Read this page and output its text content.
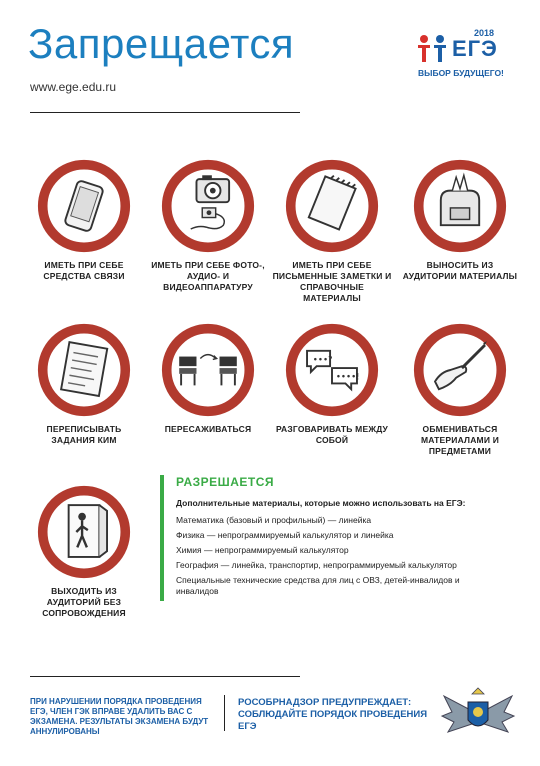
Запрещается
www.ege.edu.ru
2018
ЕГЭ
ВЫБОР БУДУЩЕГО!
ИМЕТЬ ПРИ СЕБЕ СРЕДСТВА СВЯЗИ
ИМЕТЬ ПРИ СЕБЕ ФОТО-, АУДИО- И ВИДЕОАППАРАТУРУ
ИМЕТЬ ПРИ СЕБЕ ПИСЬМЕННЫЕ ЗАМЕТКИ И СПРАВОЧНЫЕ МАТЕРИАЛЫ
ВЫНОСИТЬ ИЗ АУДИТОРИИ МАТЕРИАЛЫ
ПЕРЕПИСЫВАТЬ ЗАДАНИЯ КИМ
ПЕРЕСАЖИВАТЬСЯ
•••?
••••!
РАЗГОВАРИВАТЬ МЕЖДУ СОБОЙ
ОБМЕНИВАТЬСЯ МАТЕРИАЛАМИ И ПРЕДМЕТАМИ
ВЫХОДИТЬ ИЗ АУДИТОРИЙ БЕЗ СОПРОВОЖДЕНИЯ
РАЗРЕШАЕТСЯ
Дополнительные материалы, которые можно использовать на ЕГЭ:
Математика (базовый и профильный) — линейка
Физика — непрограммируемый калькулятор и линейка
Химия — непрограммируемый калькулятор
География — линейка, транспортир, непрограммируемый калькулятор
Специальные технические средства для лиц с ОВЗ, детей-инвалидов и инвалидов
ПРИ НАРУШЕНИИ ПОРЯДКА ПРОВЕДЕНИЯ ЕГЭ, ЧЛЕН ГЭК ВПРАВЕ УДАЛИТЬ ВАС С ЭКЗАМЕНА. РЕЗУЛЬТАТЫ ЭКЗАМЕНА БУДУТ АННУЛИРОВАНЫ
РОСОБРНАДЗОР ПРЕДУПРЕЖДАЕТ: СОБЛЮДАЙТЕ ПОРЯДОК ПРОВЕДЕНИЯ ЕГЭ
